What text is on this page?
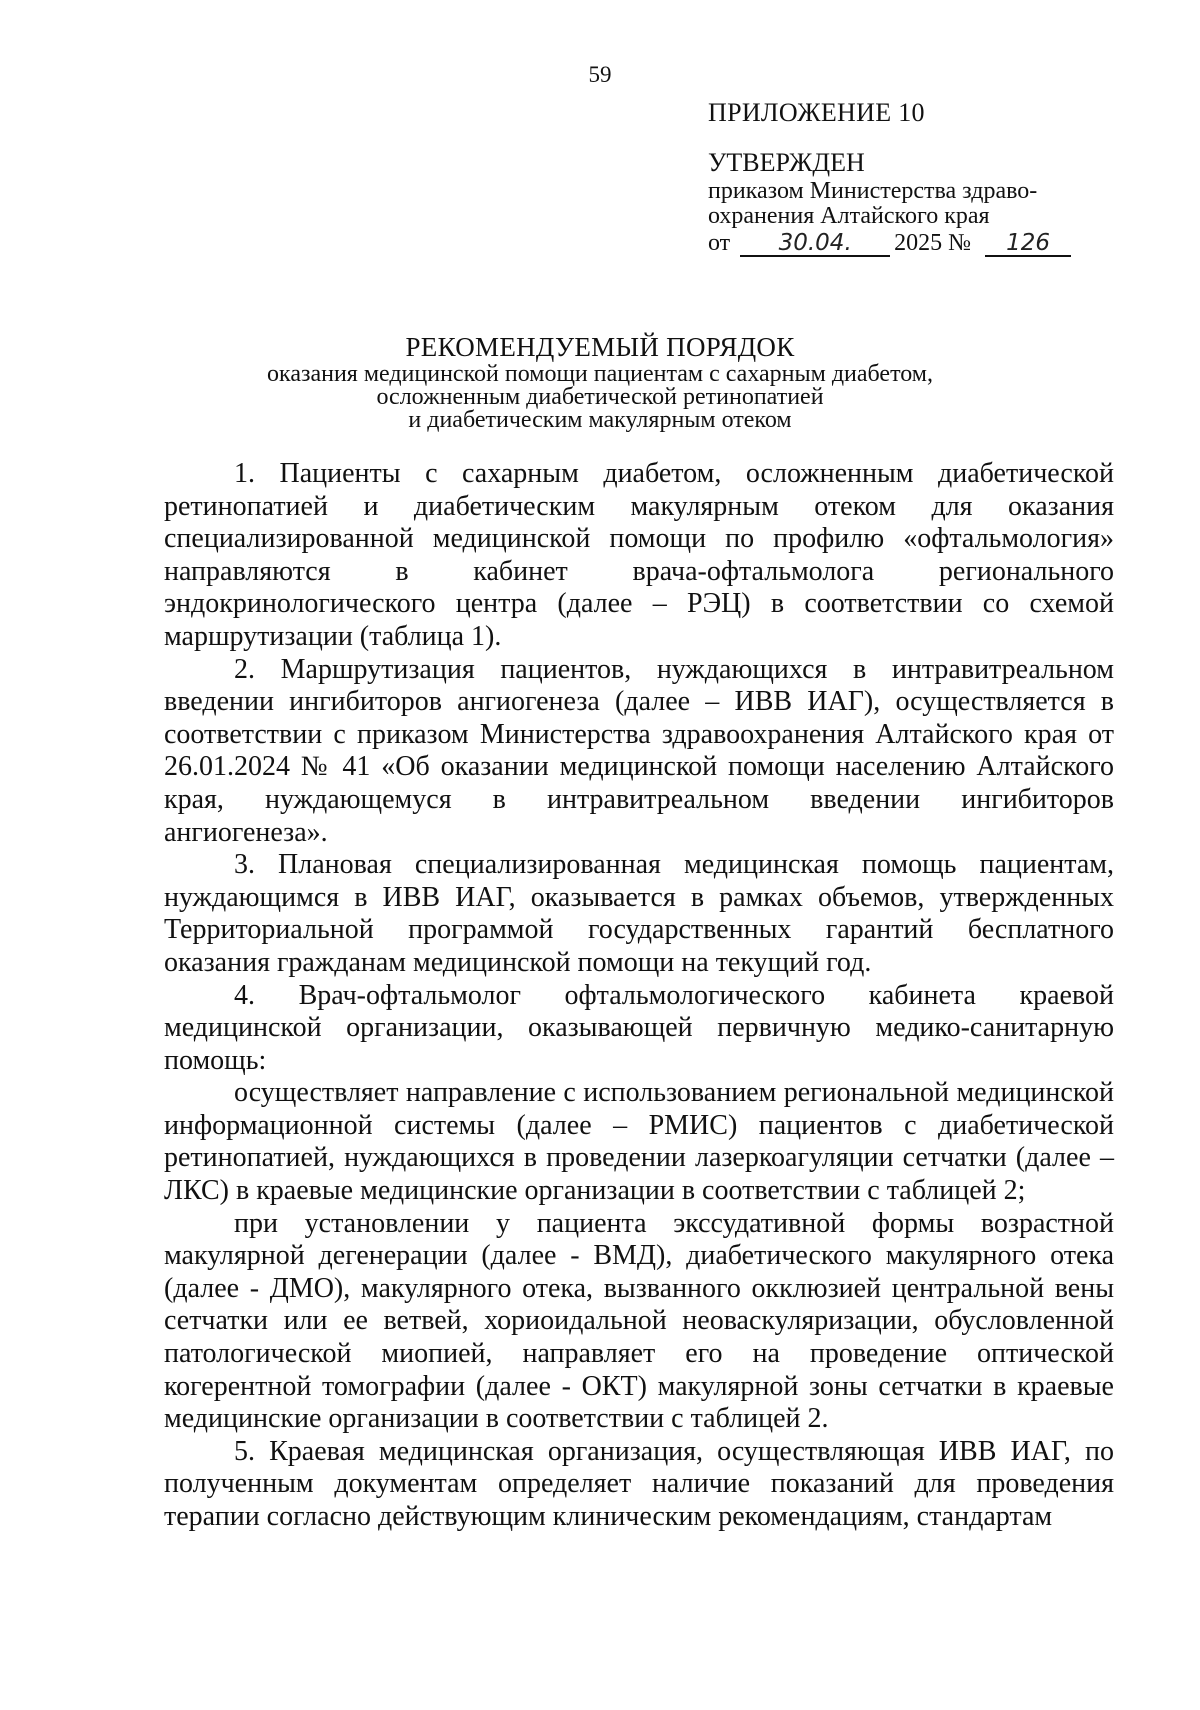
59
ПРИЛОЖЕНИЕ 10
УТВЕРЖДЕН
приказом Министерства здраво-
охранения Алтайского края
от 30.04. 2025 № 126
РЕКОМЕНДУЕМЫЙ ПОРЯДОК
оказания медицинской помощи пациентам с сахарным диабетом,
осложненным диабетической ретинопатией
и диабетическим макулярным отеком

1. Пациенты с сахарным диабетом, осложненным диабетической ретинопатией и диабетическим макулярным отеком для оказания специализированной медицинской помощи по профилю «офтальмология» направляются в кабинет врача-офтальмолога регионального эндокринологического центра (далее – РЭЦ) в соответствии со схемой маршрутизации (таблица 1).

2. Маршрутизация пациентов, нуждающихся в интравитреальном введении ингибиторов ангиогенеза (далее – ИВВ ИАГ), осуществляется в соответствии с приказом Министерства здравоохранения Алтайского края от 26.01.2024 № 41 «Об оказании медицинской помощи населению Алтайского края, нуждающемуся в интравитреальном введении ингибиторов ангиогенеза».

3. Плановая специализированная медицинская помощь пациентам, нуждающимся в ИВВ ИАГ, оказывается в рамках объемов, утвержденных Территориальной программой государственных гарантий бесплатного оказания гражданам медицинской помощи на текущий год.

4. Врач-офтальмолог офтальмологического кабинета краевой медицинской организации, оказывающей первичную медико-санитарную помощь:

осуществляет направление с использованием региональной медицинской информационной системы (далее – РМИС) пациентов с диабетической ретинопатией, нуждающихся в проведении лазеркоагуляции сетчатки (далее – ЛКС) в краевые медицинские организации в соответствии с таблицей 2;

при установлении у пациента экссудативной формы возрастной макулярной дегенерации (далее - ВМД), диабетического макулярного отека (далее - ДМО), макулярного отека, вызванного окклюзией центральной вены сетчатки или ее ветвей, хориоидальной неоваскуляризации, обусловленной патологической миопией, направляет его на проведение оптической когерентной томографии (далее - ОКТ) макулярной зоны сетчатки в краевые медицинские организации в соответствии с таблицей 2.

5. Краевая медицинская организация, осуществляющая ИВВ ИАГ, по полученным документам определяет наличие показаний для проведения терапии согласно действующим клиническим рекомендациям, стандартам
